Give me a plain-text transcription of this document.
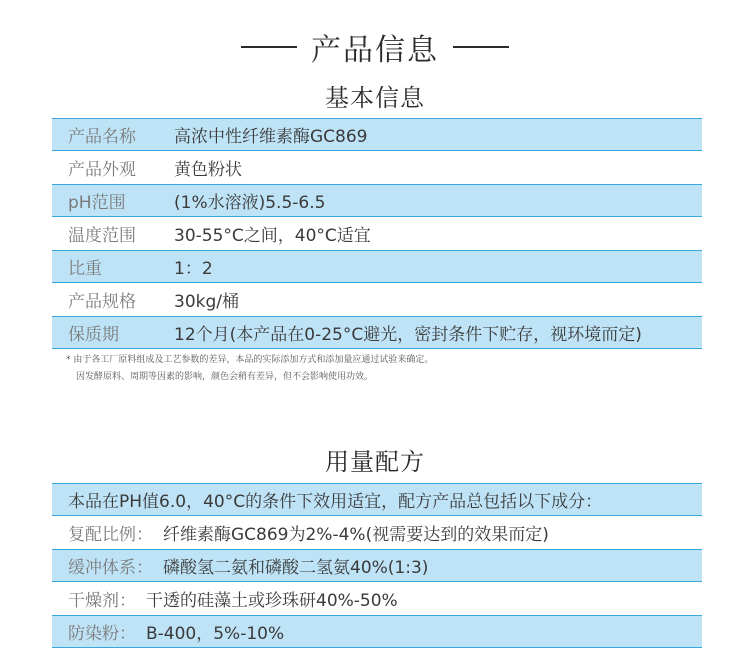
产品信息
基本信息
产品名称	高浓中性纤维素酶GC869
产品外观	黄色粉状
pH范围	(1%水溶液)5.5-6.5
温度范围	30-55°C之间，40°C适宜
比重	1：2
产品规格	30kg/桶
保质期	12个月(本产品在0-25°C避光，密封条件下贮存，视环境而定)
* 由于各工厂原料组成及工艺参数的差异，本品的实际添加方式和添加量应通过试验来确定。
因发酵原料、周期等因素的影响，颜色会稍有差异，但不会影响使用功效。
用量配方
本品在PH值6.0，40°C的条件下效用适宜，配方产品总包括以下成分：
复配比例： 纤维素酶GC869为2%-4%(视需要达到的效果而定)
缓冲体系： 磷酸氢二氨和磷酸二氢氨40%(1:3)
干燥剂： 干透的硅藻土或珍珠研40%-50%
防染粉： B-400，5%-10%
